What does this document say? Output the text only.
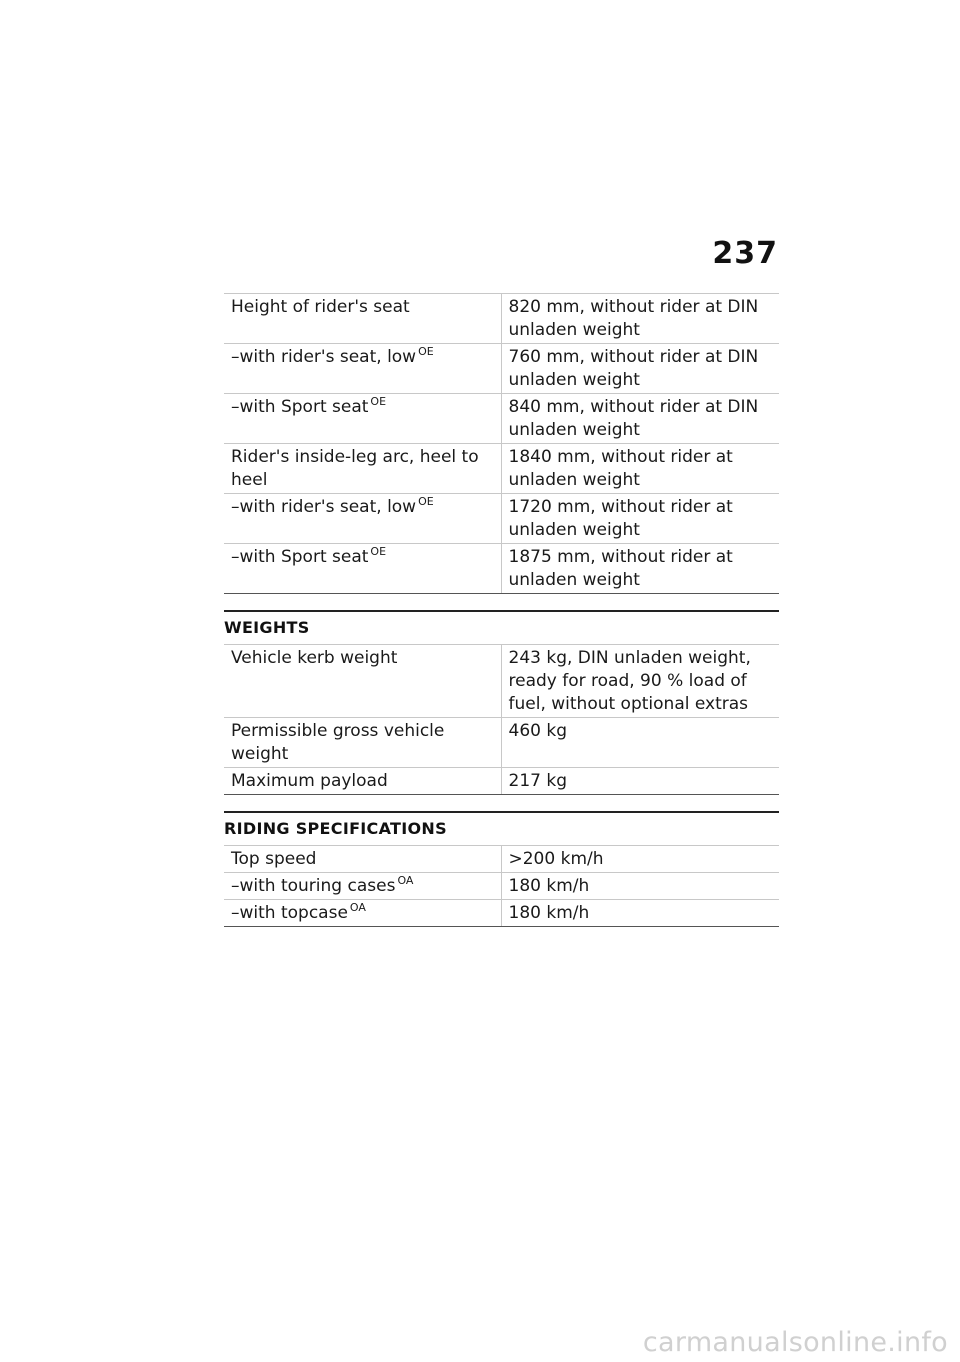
237
Height of rider's seat	820 mm, without rider at DIN unladen weight
–with rider's seat, low $^{OE}$	760 mm, without rider at DIN unladen weight
–with Sport seat $^{OE}$	840 mm, without rider at DIN unladen weight
Rider's inside-leg arc, heel to heel	1840 mm, without rider at unladen weight
–with rider's seat, low $^{OE}$	1720 mm, without rider at unladen weight
–with Sport seat $^{OE}$	1875 mm, without rider at unladen weight
WEIGHTS
Vehicle kerb weight	243 kg, DIN unladen weight, ready for road, 90 % load of fuel, without optional extras
Permissible gross vehicle weight	460 kg
Maximum payload	217 kg
RIDING SPECIFICATIONS
Top speed	>200 km/h
–with touring cases $^{OA}$	180 km/h
–with topcase $^{OA}$	180 km/h
carmanualsonline.info
